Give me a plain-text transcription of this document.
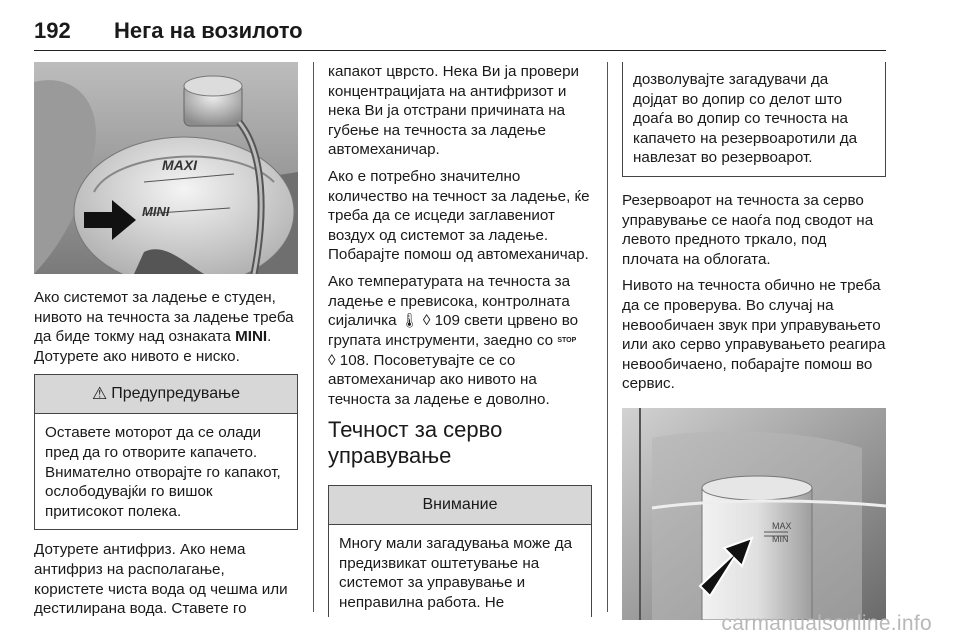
192 Нега на возилото
MAXI
MINI

Ако системот за ладење е студен, нивото на течноста за ладење треба да биде токму над ознаката MINI. Дотурете ако нивото е ниско.

⚠ Предупредување

Оставете моторот да се олади пред да го отворите капачето. Внимателно отворајте го капакот, ослободувајќи го вишок притисокот полека.

Дотурете антифриз. Ако нема антифриз на располагање, користете чиста вода од чешма или дестилирана вода. Ставете го

капакот цврсто. Нека Ви ја провери концентрацијата на антифризот и нека Ви ја отстрани причината на губење на течноста за ладење автомеханичар.

Ако е потребно значително количество на течност за ладење, ќе треба да се исцеди заглавениот воздух од системот за ладење. Побарајте помош од автомеханичар.

Ако температурата на течноста за ладење е превисока, контролната сијаличка 🌡 ◊ 109 свети црвено во групата инструменти, заедно со STOP
◊ 108. Посоветувајте се со автомеханичар ако нивото на течноста за ладење е доволно.

Течност за серво управување
Внимание

Многу мали загадувања може да предизвикат оштетување на системот за управување и неправилна работа. Не

дозволувајте загадувачи да дојдат во допир со делот што доаѓа во допир со течноста на капачето на резервоаротили да навлезат во резервоарот.

Резервоарот на течноста за серво управување се наоѓа под сводот на левото предното тркало, под плочата на облогата.

Нивото на течноста обично не треба да се проверува. Во случај на невообичаен звук при управувањето или ако серво управувањето реагира невообичаено, побарајте помош во сервис.

MAX
MIN
carmanualsonline.info
